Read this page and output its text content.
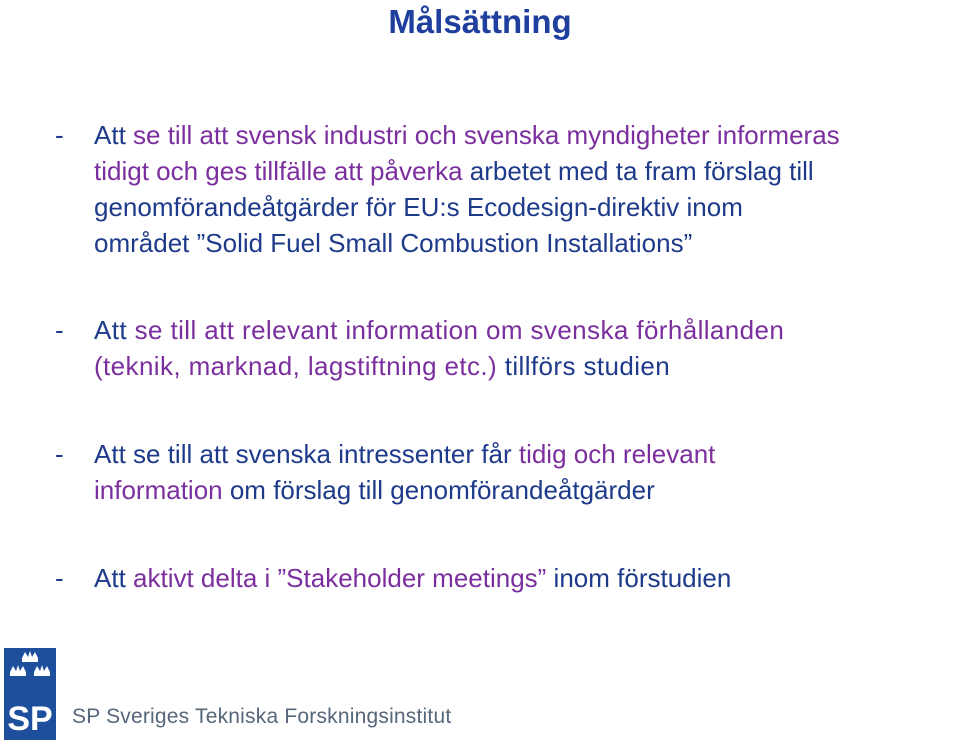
Målsättning
- Att se till att svensk industri och svenska myndigheter informeras
tidigt och ges tillfälle att påverka arbetet med ta fram förslag till
genomförandeåtgärder för EU:s Ecodesign-direktiv inom
området ”Solid Fuel Small Combustion Installations”
- Att se till att relevant information om svenska förhållanden
(teknik, marknad, lagstiftning etc.) tillförs studien
- Att se till att svenska intressenter får tidig och relevant
information om förslag till genomförandeåtgärder
- Att aktivt delta i ”Stakeholder meetings” inom förstudien
SP SP Sveriges Tekniska Forskningsinstitut
